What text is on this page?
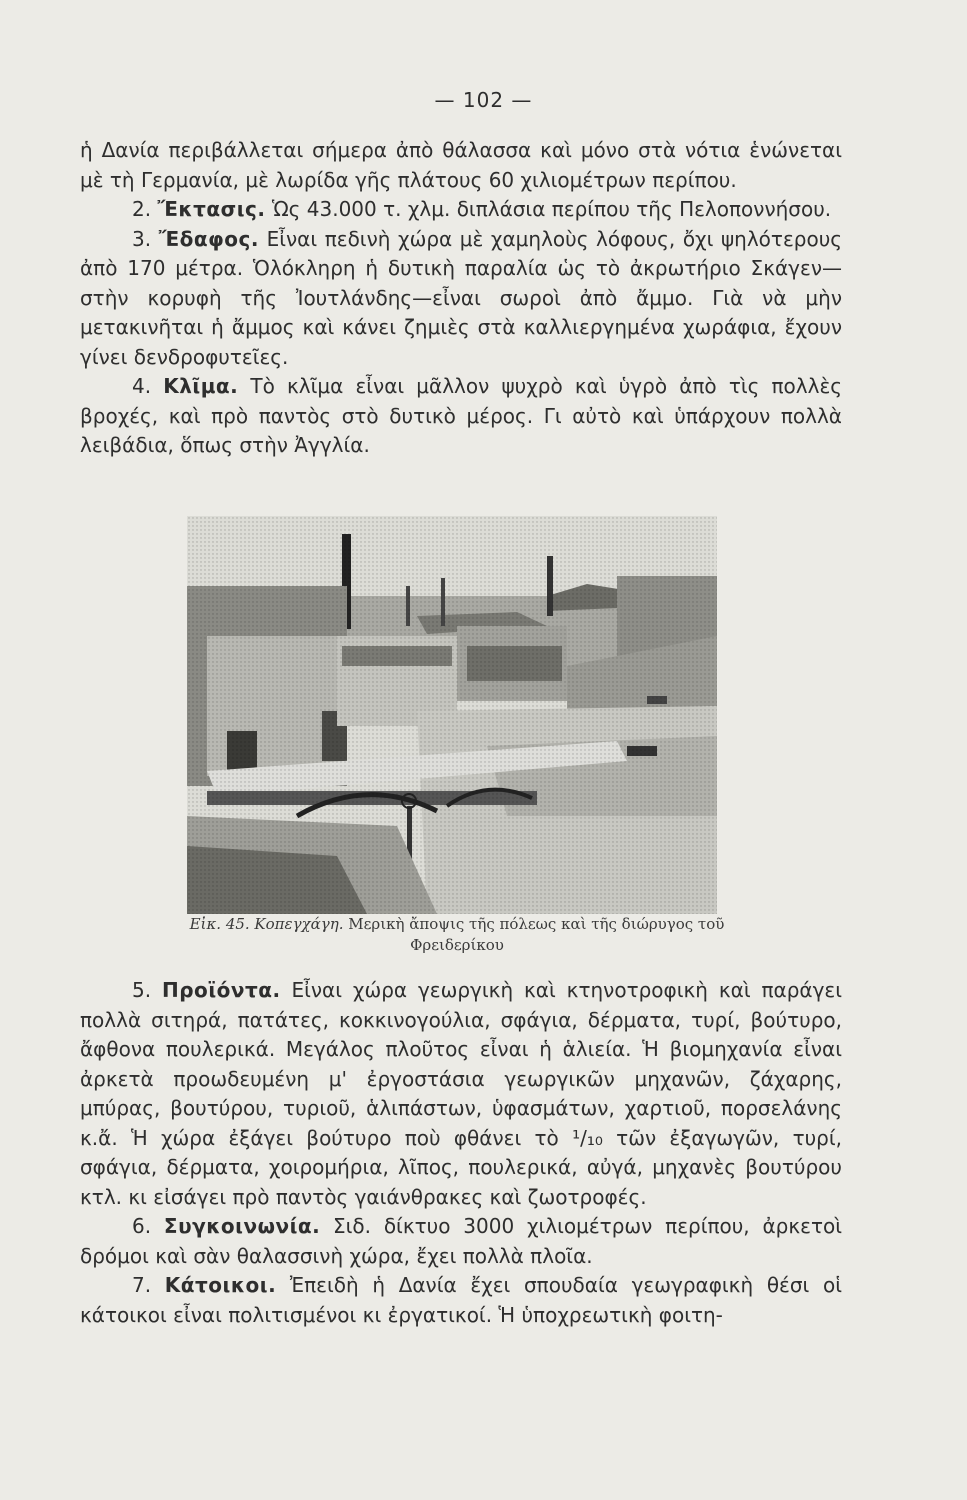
— 102 —

ἡ Δανία περιβάλλεται σήμερα ἀπὸ θάλασσα καὶ μόνο στὰ νότια ἑνώνεται μὲ τὴ Γερμανία, μὲ λωρίδα γῆς πλάτους 60 χιλιομέτρων περίπου.

2. Ἔκτασις. Ὡς 43.000 τ. χλμ. διπλάσια περίπου τῆς Πελοποννήσου.

3. Ἔδαφος. Εἶναι πεδινὴ χώρα μὲ χαμηλοὺς λόφους, ὄχι ψηλότερους ἀπὸ 170 μέτρα. Ὁλόκληρη ἡ δυτικὴ παραλία ὡς τὸ ἀκρωτήριο Σκάγεν—στὴν κορυφὴ τῆς Ἰουτλάνδης—εἶναι σωροὶ ἀπὸ ἄμμο. Γιὰ νὰ μὴν μετακινῆται ἡ ἄμμος καὶ κάνει ζημιὲς στὰ καλλιεργημένα χωράφια, ἔχουν γίνει δενδροφυτεῖες.

4. Κλῖμα. Τὸ κλῖμα εἶναι μᾶλλον ψυχρὸ καὶ ὑγρὸ ἀπὸ τὶς πολλὲς βροχές, καὶ πρὸ παντὸς στὸ δυτικὸ μέρος. Γι αὐτὸ καὶ ὑπάρχουν πολλὰ λειβάδια, ὅπως στὴν Ἀγγλία.

Εἰκ. 45. Κοπεγχάγη. Μερικὴ ἄποψις τῆς πόλεως καὶ τῆς διώρυγος τοῦ Φρειδερίκου

5. Προϊόντα. Εἶναι χώρα γεωργικὴ καὶ κτηνοτροφικὴ καὶ παράγει πολλὰ σιτηρά, πατάτες, κοκκινογούλια, σφάγια, δέρματα, τυρί, βούτυρο, ἄφθονα πουλερικά. Μεγάλος πλοῦτος εἶναι ἡ ἁλιεία. Ἡ βιομηχανία εἶναι ἀρκετὰ προωδευμένη μ' ἐργοστάσια γεωργικῶν μηχανῶν, ζάχαρης, μπύρας, βουτύρου, τυριοῦ, ἁλιπάστων, ὑφασμάτων, χαρτιοῦ, πορσελάνης κ.ἄ. Ἡ χώρα ἐξάγει βούτυρο ποὺ φθάνει τὸ ¹/₁₀ τῶν ἐξαγωγῶν, τυρί, σφάγια, δέρματα, χοιρομήρια, λῖπος, πουλερικά, αὐγά, μηχανὲς βουτύρου κτλ. κι εἰσάγει πρὸ παντὸς γαιάνθρακες καὶ ζωοτροφές.

6. Συγκοινωνία. Σιδ. δίκτυο 3000 χιλιομέτρων περίπου, ἀρκετοὶ δρόμοι καὶ σὰν θαλασσινὴ χώρα, ἔχει πολλὰ πλοῖα.

7. Κάτοικοι. Ἐπειδὴ ἡ Δανία ἔχει σπουδαία γεωγραφικὴ θέσι οἱ κάτοικοι εἶναι πολιτισμένοι κι ἐργατικοί. Ἡ ὑποχρεωτικὴ φοιτη-
